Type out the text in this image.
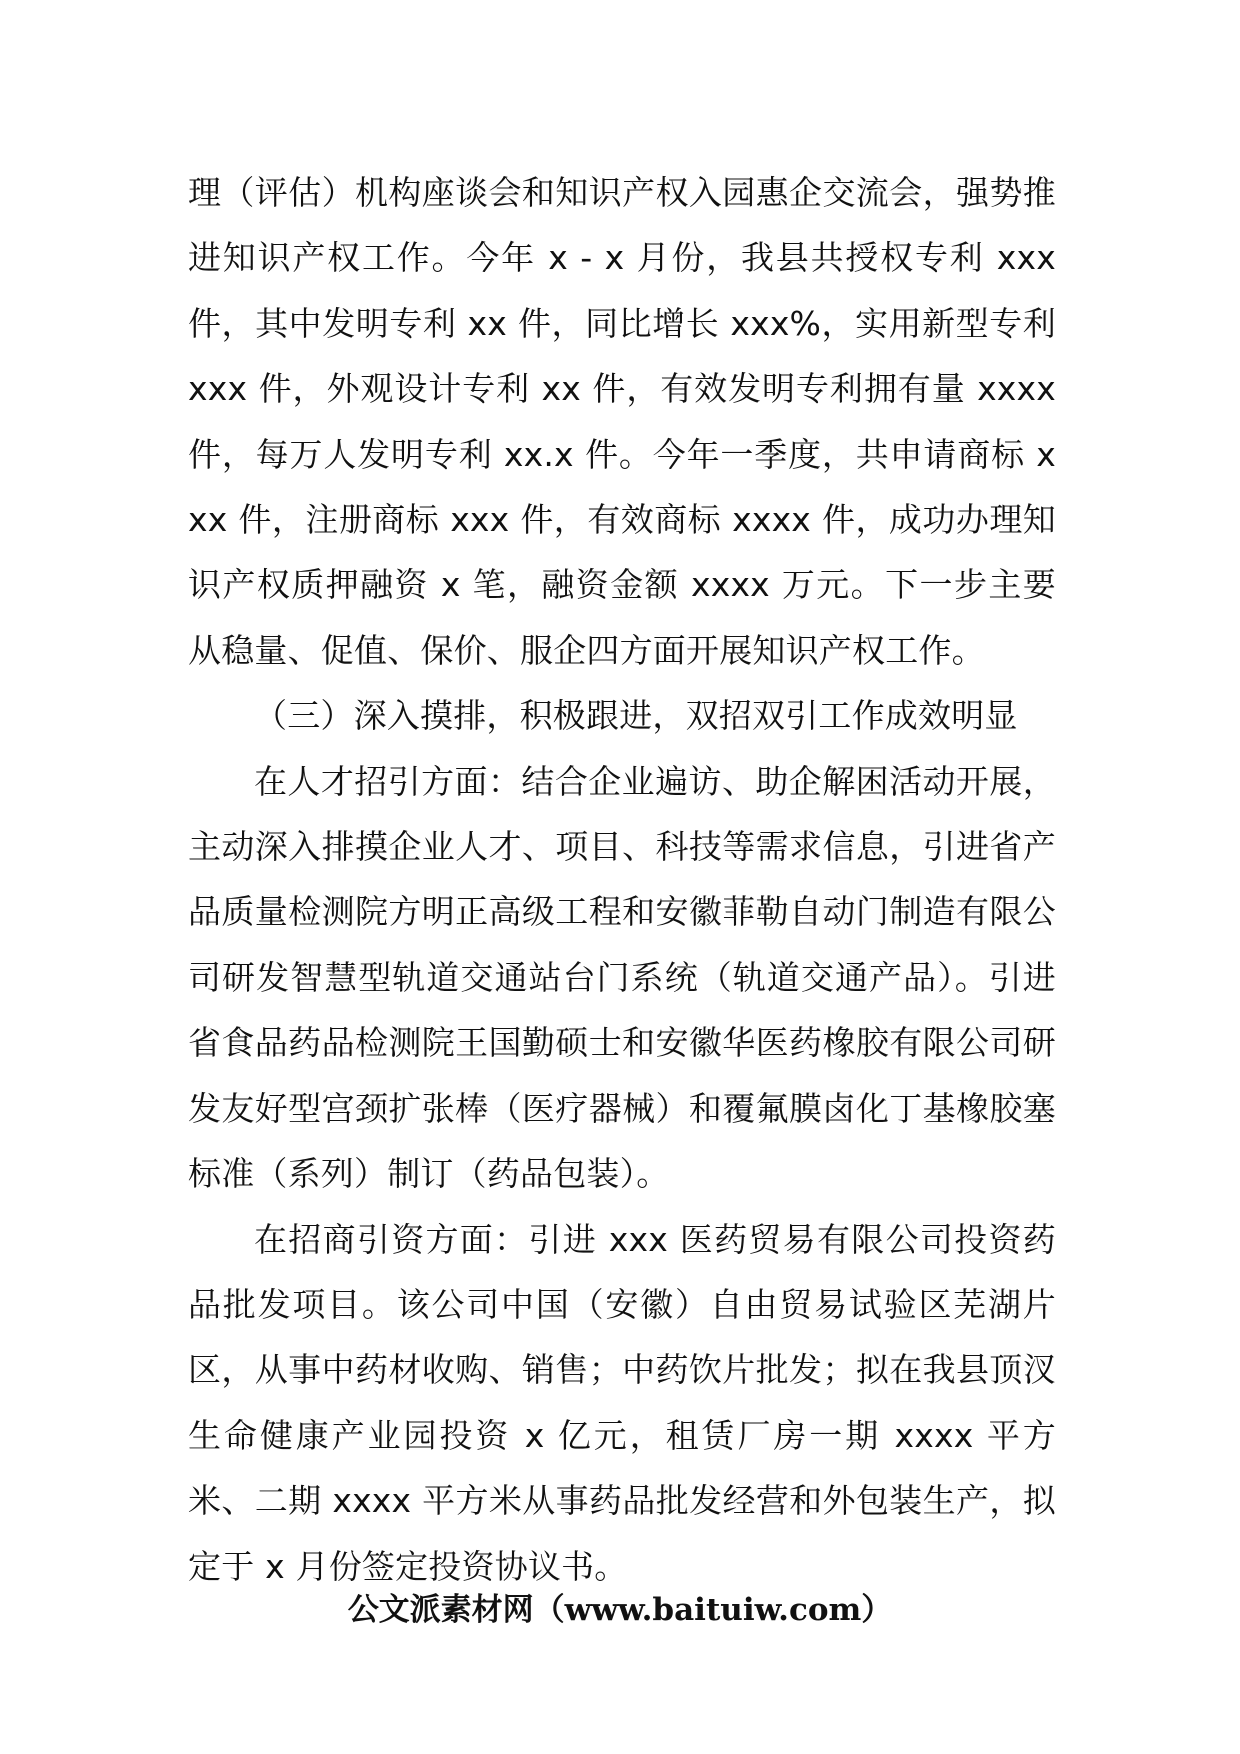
理（评估）机构座谈会和知识产权入园惠企交流会，强势推进知识产权工作。今年 x - x 月份，我县共授权专利 xxx 件，其中发明专利 xx 件，同比增长 xxx%，实用新型专利 xxx 件，外观设计专利 xx 件，有效发明专利拥有量 xxxx 件，每万人发明专利 xx.x 件。今年一季度，共申请商标 xxx 件，注册商标 xxx 件，有效商标 xxxx 件，成功办理知识产权质押融资 x 笔，融资金额 xxxx 万元。下一步主要从稳量、促值、保价、服企四方面开展知识产权工作。

（三）深入摸排，积极跟进，双招双引工作成效明显

在人才招引方面：结合企业遍访、助企解困活动开展，主动深入排摸企业人才、项目、科技等需求信息，引进省产品质量检测院方明正高级工程和安徽菲勒自动门制造有限公司研发智慧型轨道交通站台门系统（轨道交通产品）。引进省食品药品检测院王国勤硕士和安徽华医药橡胶有限公司研发友好型宫颈扩张棒（医疗器械）和覆氟膜卤化丁基橡胶塞标准（系列）制订（药品包装）。

在招商引资方面：引进 xxx 医药贸易有限公司投资药品批发项目。该公司中国（安徽）自由贸易试验区芜湖片区，从事中药材收购、销售；中药饮片批发；拟在我县顶汊生命健康产业园投资 x 亿元，租赁厂房一期 xxxx 平方米、二期 xxxx 平方米从事药品批发经营和外包装生产，拟定于 x 月份签定投资协议书。

公文派素材网（www.baituiw.com）
